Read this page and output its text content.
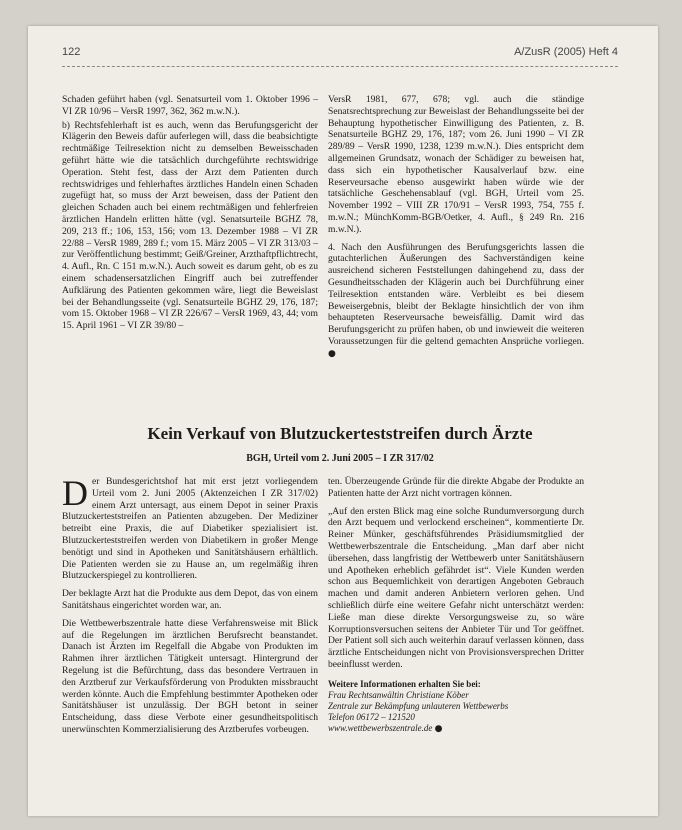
122	A/ZusR (2005) Heft 4

Schaden geführt haben (vgl. Senatsurteil vom 1. Oktober 1996 – VI ZR 10/96 – VersR 1997, 362, 362 m.w.N.).

b) Rechtsfehlerhaft ist es auch, wenn das Berufungsgericht der Klägerin den Beweis dafür auferlegen will, dass die beabsichtigte rechtmäßige Teilresektion nicht zu demselben Beweisschaden geführt hätte wie die tatsächlich durchgeführte rechtswidrige Operation. Steht fest, dass der Arzt dem Patienten durch rechtswidriges und fehlerhaftes ärztliches Handeln einen Schaden zugefügt hat, so muss der Arzt beweisen, dass der Patient den gleichen Schaden auch bei einem rechtmäßigen und fehlerfreien ärztlichen Handeln erlitten hätte (vgl. Senatsurteile BGHZ 78, 209, 213 ff.; 106, 153, 156; vom 13. Dezember 1988 – VI ZR 22/88 – VersR 1989, 289 f.; vom 15. März 2005 – VI ZR 313/03 – zur Veröffentlichung bestimmt; Geiß/Greiner, Arzthaftpflichtrecht, 4. Aufl., Rn. C 151 m.w.N.). Auch soweit es darum geht, ob es zu einem schadensersatzlichen Eingriff auch bei zutreffender Aufklärung des Patienten gekommen wäre, liegt die Beweislast bei der Behandlungsseite (vgl. Senatsurteile BGHZ 29, 176, 187; vom 15. Oktober 1968 – VI ZR 226/67 – VersR 1969, 43, 44; vom 15. April 1961 – VI ZR 39/80 –

VersR 1981, 677, 678; vgl. auch die ständige Senatsrechtsprechung zur Beweislast der Behandlungsseite bei der Behauptung hypothetischer Einwilligung des Patienten, z. B. Senatsurteile BGHZ 29, 176, 187; vom 26. Juni 1990 – VI ZR 289/89 – VersR 1990, 1238, 1239 m.w.N.). Dies entspricht dem allgemeinen Grundsatz, wonach der Schädiger zu beweisen hat, dass sich ein hypothetischer Kausalverlauf bzw. eine Reserveursache ebenso ausgewirkt haben würde wie der tatsächliche Geschehensablauf (vgl. BGH, Urteil vom 25. November 1992 – VIII ZR 170/91 – VersR 1993, 754, 755 f. m.w.N.; MünchKomm-BGB/Oetker, 4. Aufl., § 249 Rn. 216 m.w.N.).

4. Nach den Ausführungen des Berufungsgerichts lassen die gutachterlichen Äußerungen des Sachverständigen keine ausreichend sicheren Feststellungen dahingehend zu, dass der Gesundheitsschaden der Klägerin auch bei Durchführung einer Teilresektion entstanden wäre. Verbleibt es bei diesem Beweisergebnis, bleibt der Beklagte hinsichtlich der von ihm behaupteten Reserveursache beweisfällig. Damit wird das Berufungsgericht zu prüfen haben, ob und inwieweit die weiteren Voraussetzungen für die geltend gemachten Ansprüche vorliegen. ●

Kein Verkauf von Blutzuckerteststreifen durch Ärzte
BGH, Urteil vom 2. Juni 2005 – I ZR 317/02

Der Bundesgerichtshof hat mit erst jetzt vorliegendem Urteil vom 2. Juni 2005 (Aktenzeichen I ZR 317/02) einem Arzt untersagt, aus einem Depot in seiner Praxis Blutzuckerteststreifen an Patienten abzugeben. Der Mediziner betreibt eine Praxis, die auf Diabetiker spezialisiert ist. Blutzuckerteststreifen werden von Diabetikern in großer Menge benötigt und sind in Apotheken und Sanitätshäusern erhältlich. Die Patienten werden sie zu Hause an, um regelmäßig ihren Blutzuckerspiegel zu kontrollieren.

Der beklagte Arzt hat die Produkte aus dem Depot, das von einem Sanitätshaus eingerichtet worden war, an.

Die Wettbewerbszentrale hatte diese Verfahrensweise mit Blick auf die Regelungen im ärztlichen Berufsrecht beanstandet. Danach ist Ärzten im Regelfall die Abgabe von Produkten im Rahmen ihrer ärztlichen Tätigkeit untersagt. Hintergrund der Regelung ist die Befürchtung, dass das besondere Vertrauen in den Arztberuf zur Verkaufsförderung von Produkten missbraucht werden könnte. Auch die Empfehlung bestimmter Apotheken oder Sanitätshäuser ist unzulässig. Der BGH betont in seiner Entscheidung, dass diese Verbote einer gesundheitspolitisch unerwünschten Kommerzialisierung des Arztberufes vorbeugen.

ten. Überzeugende Gründe für die direkte Abgabe der Produkte an Patienten hatte der Arzt nicht vortragen können.

„Auf den ersten Blick mag eine solche Rundumversorgung durch den Arzt bequem und verlockend erscheinen“, kommentierte Dr. Reiner Münker, geschäftsführendes Präsidiumsmitglied der Wettbewerbszentrale die Entscheidung. „Man darf aber nicht übersehen, dass langfristig der Wettbewerb unter Sanitätshäusern und Apotheken erheblich gefährdet ist“. Viele Kunden werden schon aus Bequemlichkeit von derartigen Angeboten Gebrauch machen und damit anderen Anbietern verloren gehen. Und schließlich dürfe eine weitere Gefahr nicht unterschätzt werden: Ließe man diese direkte Versorgungsweise zu, so wäre Korruptionsversuchen seitens der Anbieter Tür und Tor geöffnet. Der Patient soll sich auch weiterhin darauf verlassen können, dass ärztliche Entscheidungen nicht von Provisionsversprechen Dritter beeinflusst werden.

Weitere Informationen erhalten Sie bei:
Frau Rechtsanwältin Christiane Köber
Zentrale zur Bekämpfung unlauteren Wettbewerbs
Telefon 06172 – 121520
www.wettbewerbszentrale.de ●
